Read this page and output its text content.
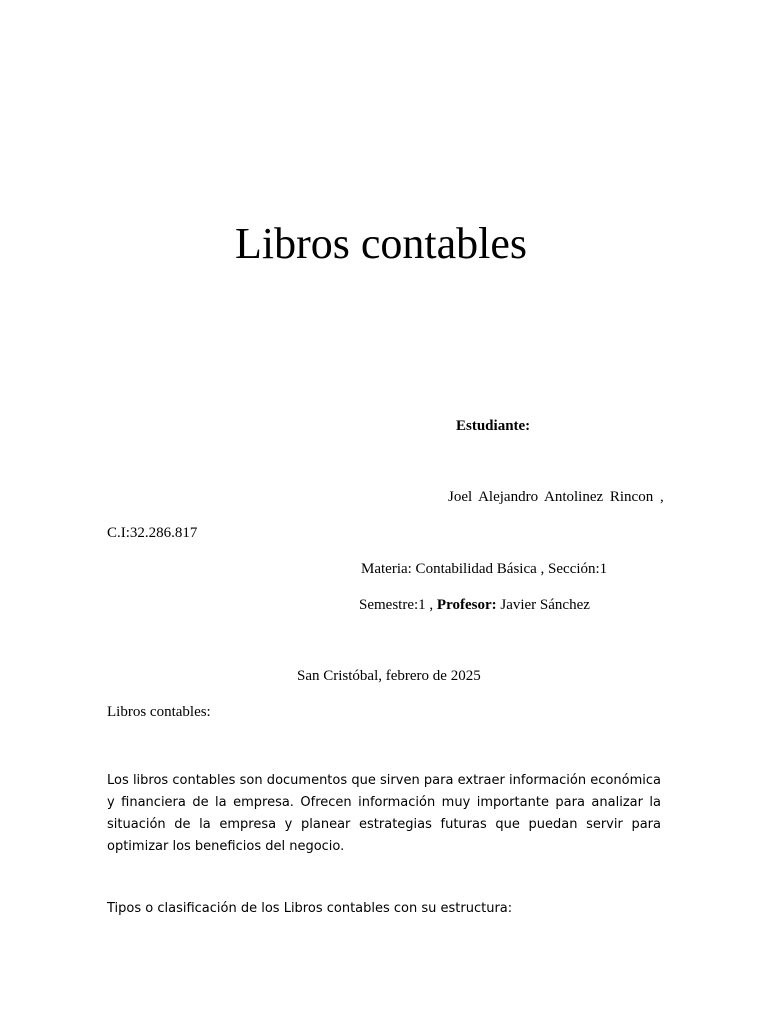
Libros contables
Estudiante:
Joel Alejandro Antolinez Rincon ,
C.I:32.286.817
Materia: Contabilidad Básica , Sección:1
Semestre:1 , Profesor: Javier Sánchez
San Cristóbal, febrero de 2025
Libros contables:

Los libros contables son documentos que sirven para extraer información económica y financiera de la empresa. Ofrecen información muy importante para analizar la situación de la empresa y planear estrategias futuras que puedan servir para optimizar los beneficios del negocio.

Tipos o clasificación de los Libros contables con su estructura:
